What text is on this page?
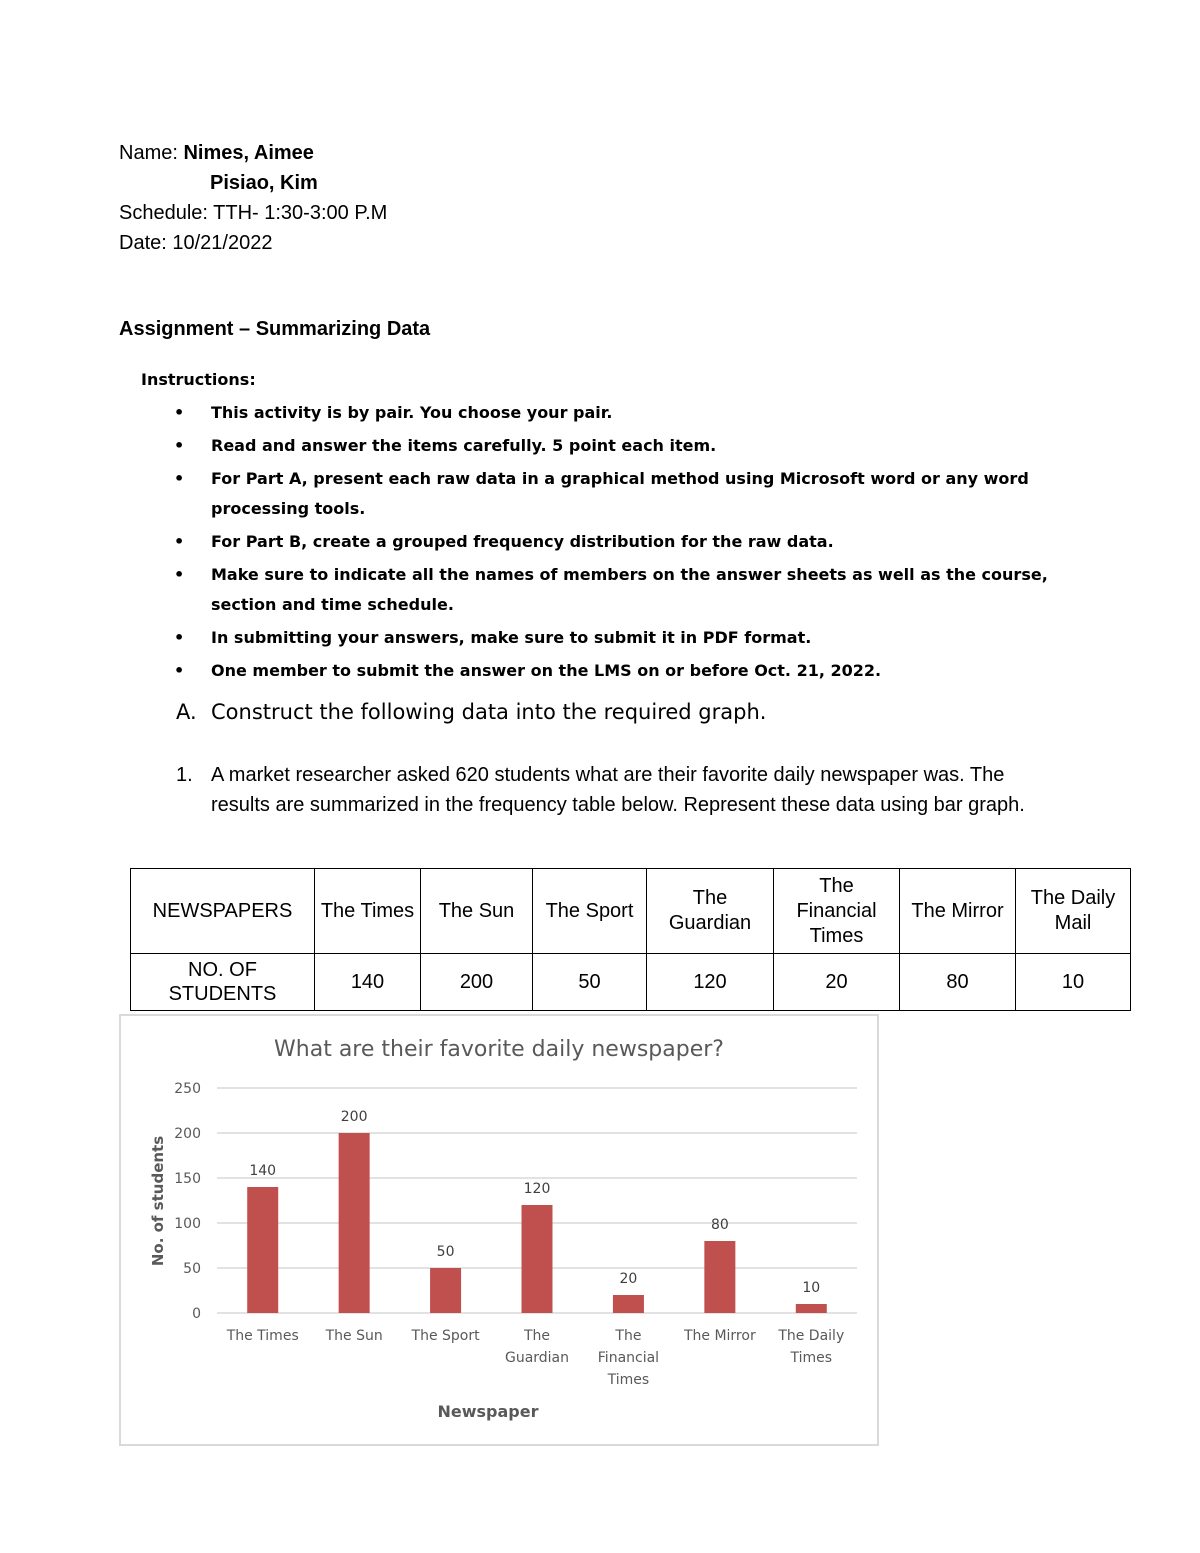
Name: Nimes, Aimee
Pisiao, Kim
Schedule: TTH- 1:30-3:00 P.M
Date: 10/21/2022
Assignment – Summarizing Data
Instructions:
• This activity is by pair. You choose your pair.
• Read and answer the items carefully. 5 point each item.
• For Part A, present each raw data in a graphical method using Microsoft word or any word processing tools.
• For Part B, create a grouped frequency distribution for the raw data.
• Make sure to indicate all the names of members on the answer sheets as well as the course, section and time schedule.
• In submitting your answers, make sure to submit it in PDF format.
• One member to submit the answer on the LMS on or before Oct. 21, 2022.
A. Construct the following data into the required graph.
1. A market researcher asked 620 students what are their favorite daily newspaper was. The results are summarized in the frequency table below. Represent these data using bar graph.
NEWSPAPERS	The Times	The Sun	The Sport	The Guardian	The Financial Times	The Mirror	The Daily Mail
NO. OF STUDENTS	140	200	50	120	20	80	10
What are their favorite daily newspaper?
0
50
100
150
200
250
140
The Times
200
The Sun
50
The Sport
120
The
Guardian
20
The
Financial
Times
80
The Mirror
10
The Daily
Times
No. of students
Newspaper
